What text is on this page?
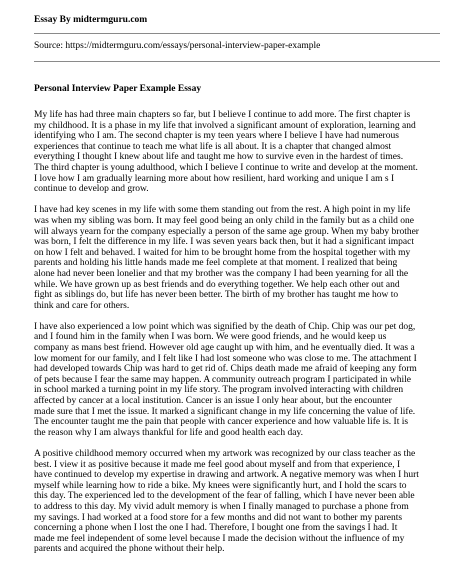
Essay By midtermguru.com
Source: https://midtermguru.com/essays/personal-interview-paper-example
Personal Interview Paper Example Essay

My life has had three main chapters so far, but I believe I continue to add more. The first chapter is
my childhood. It is a phase in my life that involved a significant amount of exploration, learning and
identifying who I am. The second chapter is my teen years where I believe I have had numerous
experiences that continue to teach me what life is all about. It is a chapter that changed almost
everything I thought I knew about life and taught me how to survive even in the hardest of times.
The third chapter is young adulthood, which I believe I continue to write and develop at the moment.
I love how I am gradually learning more about how resilient, hard working and unique I am s I
continue to develop and grow.

I have had key scenes in my life with some them standing out from the rest. A high point in my life
was when my sibling was born. It may feel good being an only child in the family but as a child one
will always yearn for the company especially a person of the same age group. When my baby brother
was born, I felt the difference in my life. I was seven years back then, but it had a significant impact
on how I felt and behaved. I waited for him to be brought home from the hospital together with my
parents and holding his little hands made me feel complete at that moment. I realized that being
alone had never been lonelier and that my brother was the company I had been yearning for all the
while. We have grown up as best friends and do everything together. We help each other out and
fight as siblings do, but life has never been better. The birth of my brother has taught me how to
think and care for others.

I have also experienced a low point which was signified by the death of Chip. Chip was our pet dog,
and I found him in the family when I was born. We were good friends, and he would keep us
company as mans best friend. However old age caught up with him, and he eventually died. It was a
low moment for our family, and I felt like I had lost someone who was close to me. The attachment I
had developed towards Chip was hard to get rid of. Chips death made me afraid of keeping any form
of pets because I fear the same may happen. A community outreach program I participated in while
in school marked a turning point in my life story. The program involved interacting with children
affected by cancer at a local institution. Cancer is an issue I only hear about, but the encounter
made sure that I met the issue. It marked a significant change in my life concerning the value of life.
The encounter taught me the pain that people with cancer experience and how valuable life is. It is
the reason why I am always thankful for life and good health each day.

A positive childhood memory occurred when my artwork was recognized by our class teacher as the
best. I view it as positive because it made me feel good about myself and from that experience, I
have continued to develop my expertise in drawing and artwork. A negative memory was when I hurt
myself while learning how to ride a bike. My knees were significantly hurt, and I hold the scars to
this day. The experienced led to the development of the fear of falling, which I have never been able
to address to this day. My vivid adult memory is when I finally managed to purchase a phone from
my savings. I had worked at a food store for a few months and did not want to bother my parents
concerning a phone when I lost the one I had. Therefore, I bought one from the savings I had. It
made me feel independent of some level because I made the decision without the influence of my
parents and acquired the phone without their help.
